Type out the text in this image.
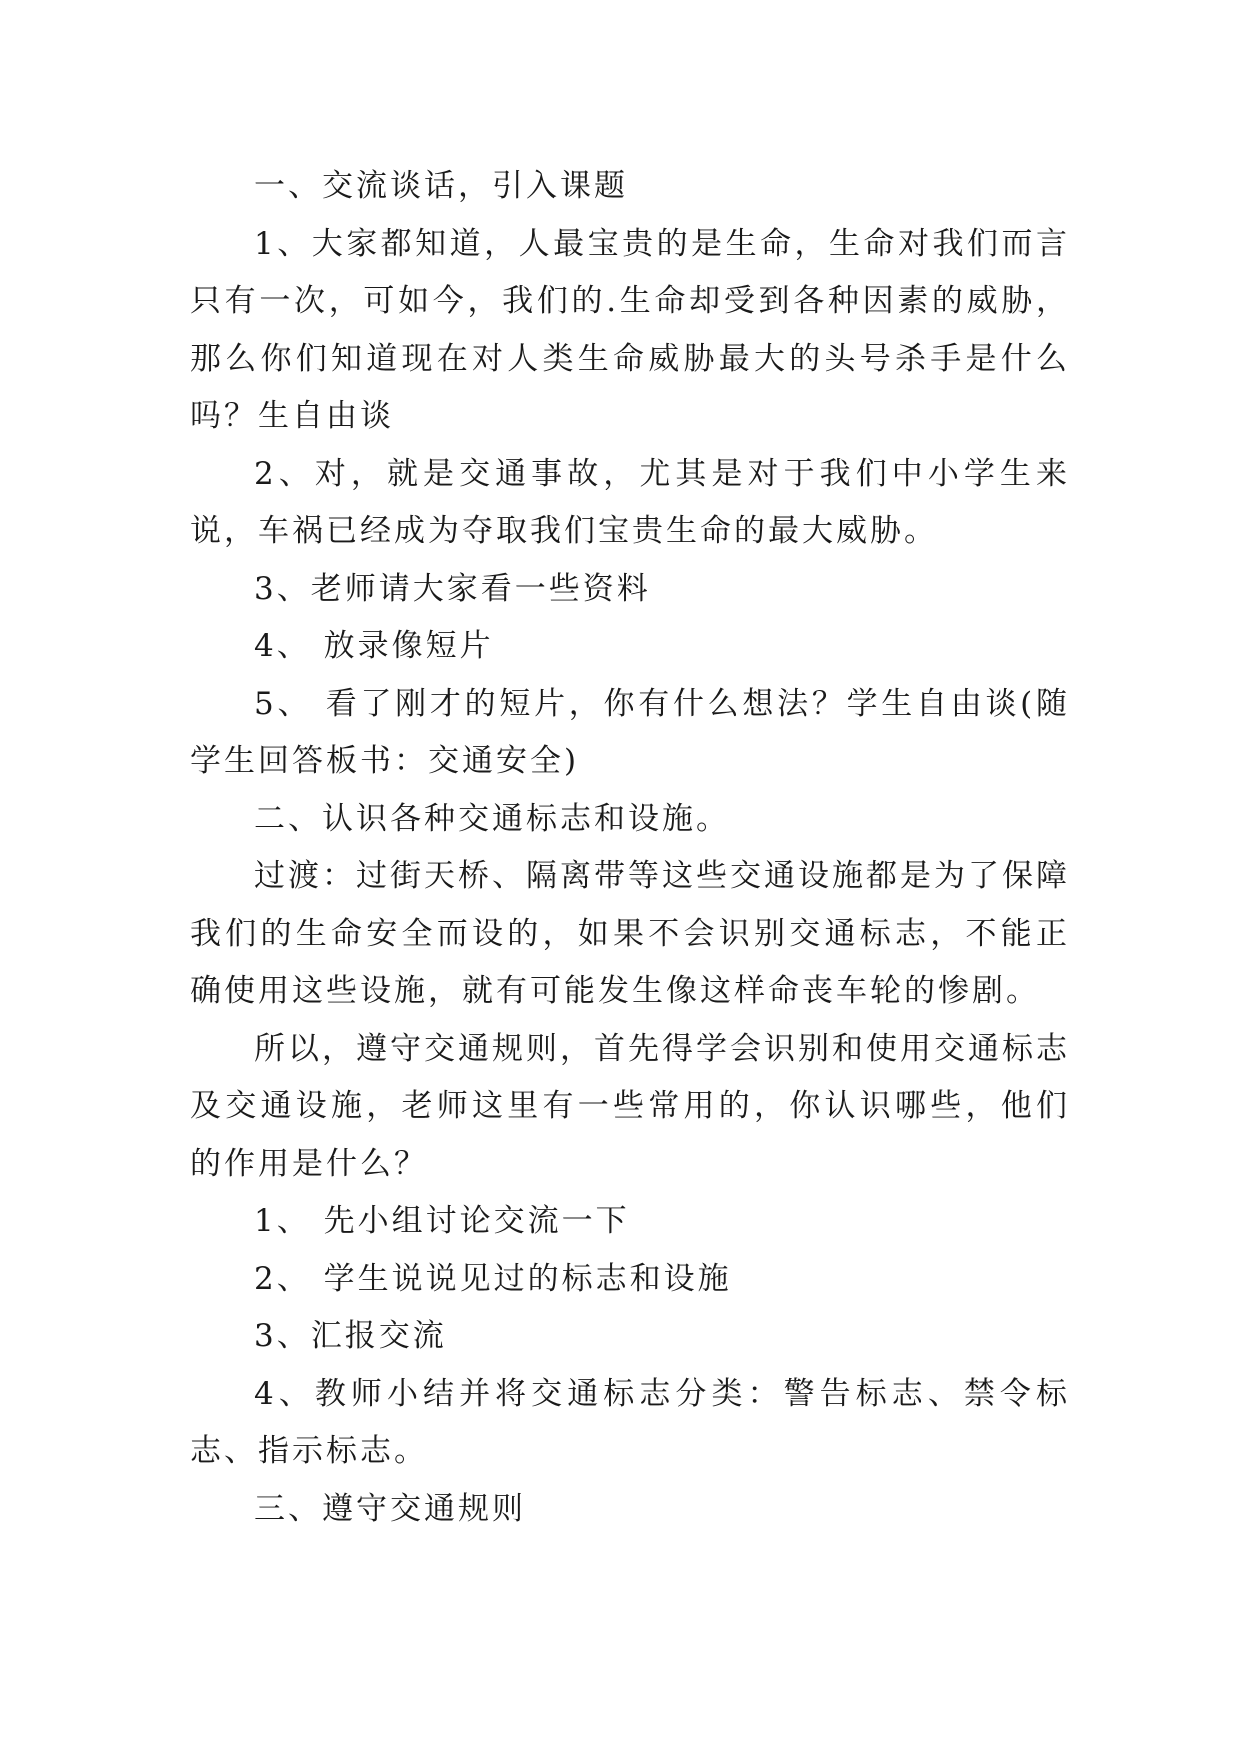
一、交流谈话，引入课题

1、大家都知道，人最宝贵的是生命，生命对我们而言只有一次，可如今，我们的.生命却受到各种因素的威胁，那么你们知道现在对人类生命威胁最大的头号杀手是什么吗？生自由谈

2、对，就是交通事故，尤其是对于我们中小学生来说，车祸已经成为夺取我们宝贵生命的最大威胁。

3、老师请大家看一些资料

4、 放录像短片

5、 看了刚才的短片，你有什么想法？学生自由谈(随学生回答板书：交通安全)

二、认识各种交通标志和设施。

过渡：过街天桥、隔离带等这些交通设施都是为了保障我们的生命安全而设的，如果不会识别交通标志，不能正确使用这些设施，就有可能发生像这样命丧车轮的惨剧。

所以，遵守交通规则，首先得学会识别和使用交通标志及交通设施，老师这里有一些常用的，你认识哪些，他们的作用是什么？

1、 先小组讨论交流一下

2、 学生说说见过的标志和设施

3、汇报交流

4、教师小结并将交通标志分类：警告标志、禁令标志、指示标志。

三、遵守交通规则
